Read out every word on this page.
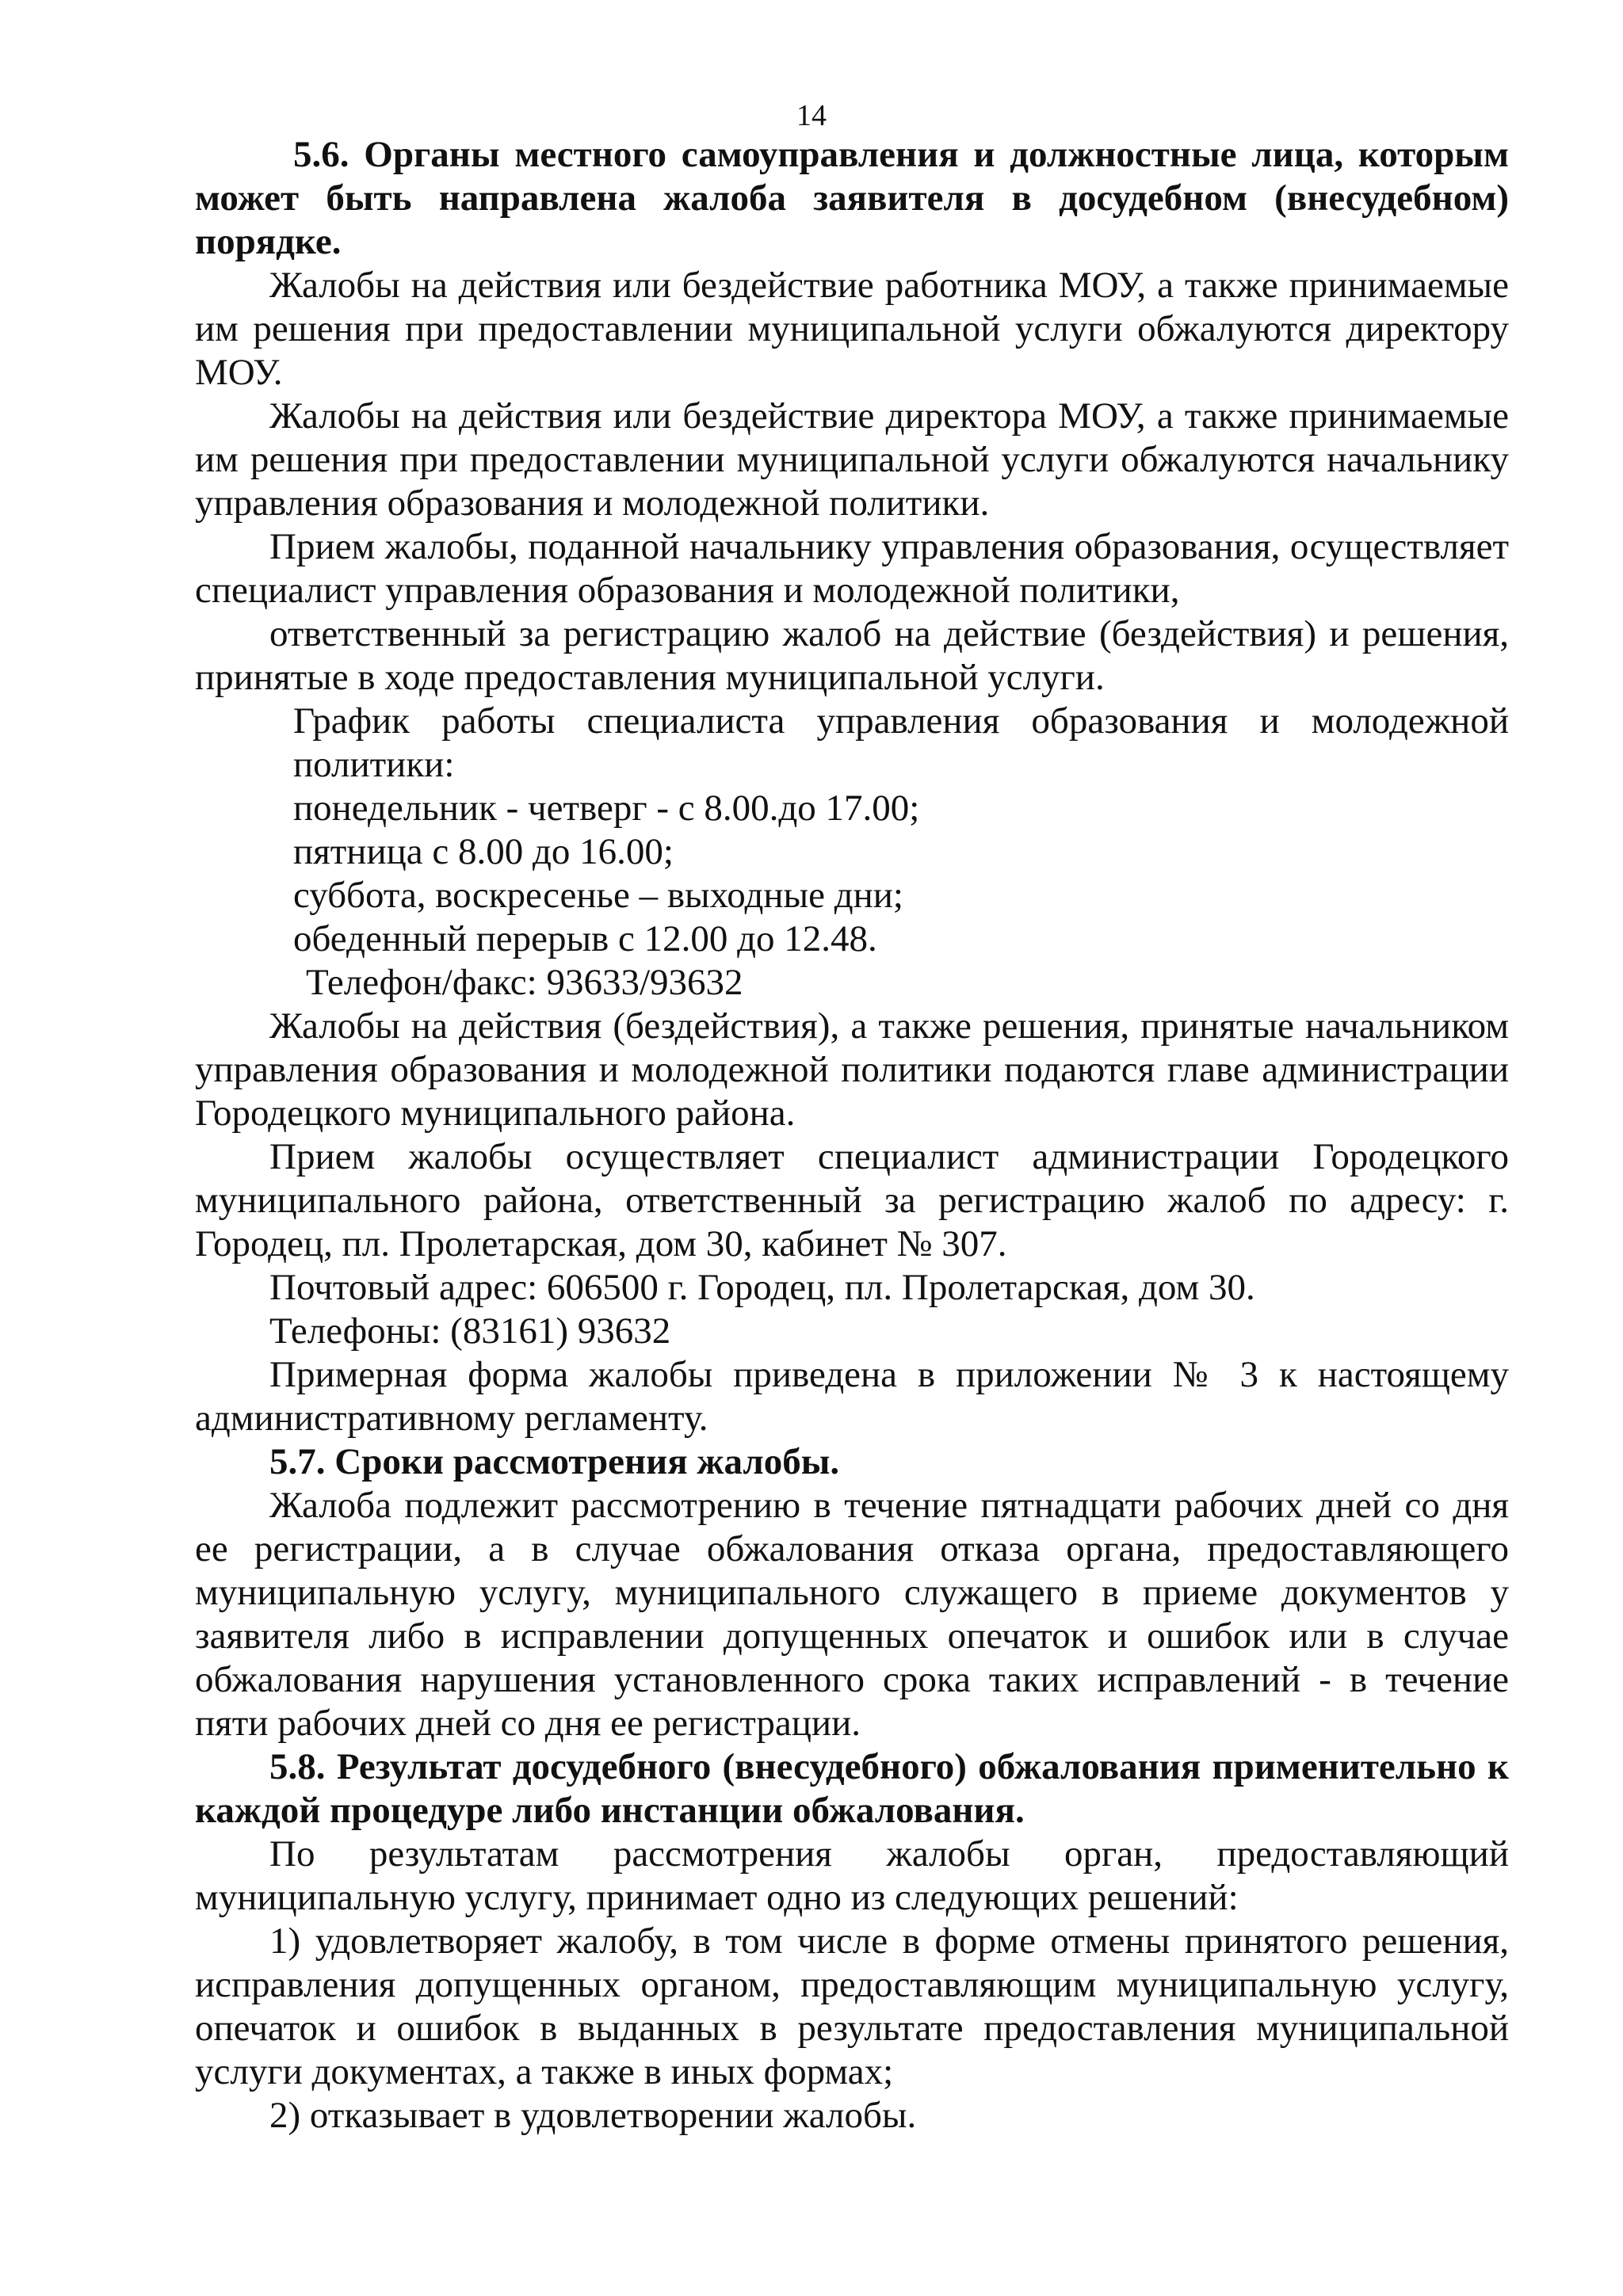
14

5.6. Органы местного самоуправления и должностные лица, которым может быть направлена жалоба заявителя в досудебном (внесудебном) порядке.

Жалобы на действия или бездействие работника МОУ, а также принимаемые им решения при предоставлении муниципальной услуги обжалуются директору МОУ.

Жалобы на действия или бездействие директора МОУ, а также принимаемые им решения при предоставлении муниципальной услуги обжалуются начальнику управления образования и молодежной политики.

Прием жалобы, поданной начальнику управления образования, осуществляет специалист управления образования и молодежной политики,

ответственный за регистрацию жалоб на действие (бездействия) и решения, принятые в ходе предоставления муниципальной услуги.

График работы специалиста управления образования и молодежной
политики:
понедельник - четверг - с 8.00.до 17.00;
пятница с 8.00 до 16.00;
суббота, воскресенье – выходные дни;
обеденный перерыв с 12.00 до 12.48.
Телефон/факс: 93633/93632

Жалобы на действия (бездействия), а также решения, принятые начальником управления образования и молодежной политики подаются главе администрации Городецкого муниципального района.

Прием жалобы осуществляет специалист администрации Городецкого муниципального района, ответственный за регистрацию жалоб по адресу: г. Городец, пл. Пролетарская, дом 30, кабинет № 307.

Почтовый адрес: 606500 г. Городец, пл. Пролетарская, дом 30.

Телефоны: (83161) 93632

Примерная форма жалобы приведена в приложении № 3 к настоящему административному регламенту.

5.7. Сроки рассмотрения жалобы.

Жалоба подлежит рассмотрению в течение пятнадцати рабочих дней со дня ее регистрации, а в случае обжалования отказа органа, предоставляющего муниципальную услугу, муниципального служащего в приеме документов у заявителя либо в исправлении допущенных опечаток и ошибок или в случае обжалования нарушения установленного срока таких исправлений - в течение пяти рабочих дней со дня ее регистрации.

5.8. Результат досудебного (внесудебного) обжалования применительно к каждой процедуре либо инстанции обжалования.

По результатам рассмотрения жалобы орган, предоставляющий муниципальную услугу, принимает одно из следующих решений:

1) удовлетворяет жалобу, в том числе в форме отмены принятого решения, исправления допущенных органом, предоставляющим муниципальную услугу, опечаток и ошибок в выданных в результате предоставления муниципальной услуги документах, а также в иных формах;

2) отказывает в удовлетворении жалобы.
